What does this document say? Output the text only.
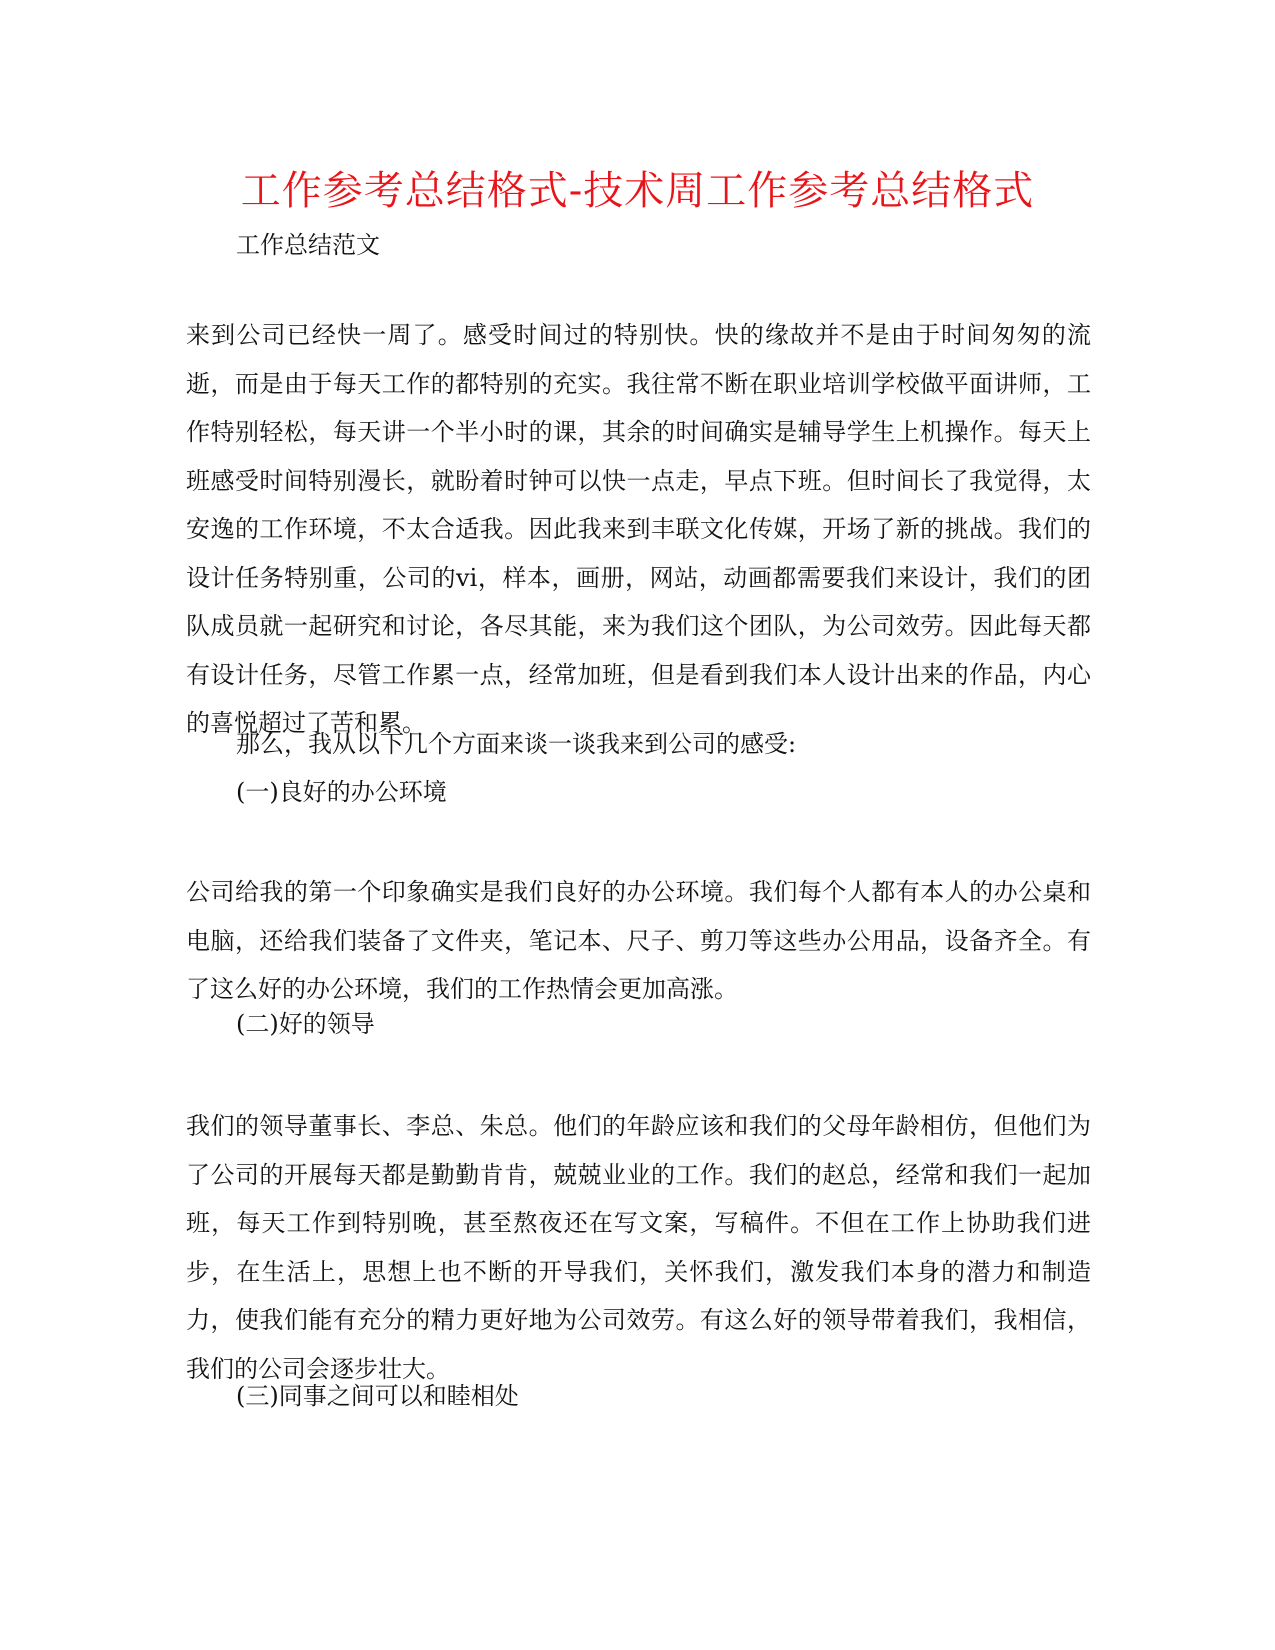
工作参考总结格式-技术周工作参考总结格式
工作总结范文

来到公司已经快一周了。感受时间过的特别快。快的缘故并不是由于时间匆匆的流逝，而是由于每天工作的都特别的充实。我往常不断在职业培训学校做平面讲师，工作特别轻松，每天讲一个半小时的课，其余的时间确实是辅导学生上机操作。每天上班感受时间特别漫长，就盼着时钟可以快一点走，早点下班。但时间长了我觉得，太安逸的工作环境，不太合适我。因此我来到丰联文化传媒，开场了新的挑战。我们的设计任务特别重，公司的vi，样本，画册，网站，动画都需要我们来设计，我们的团队成员就一起研究和讨论，各尽其能，来为我们这个团队，为公司效劳。因此每天都有设计任务，尽管工作累一点，经常加班，但是看到我们本人设计出来的作品，内心的喜悦超过了苦和累。

那么，我从以下几个方面来谈一谈我来到公司的感受:
(一)良好的办公环境

公司给我的第一个印象确实是我们良好的办公环境。我们每个人都有本人的办公桌和电脑，还给我们装备了文件夹，笔记本、尺子、剪刀等这些办公用品，设备齐全。有了这么好的办公环境，我们的工作热情会更加高涨。

(二)好的领导

我们的领导董事长、李总、朱总。他们的年龄应该和我们的父母年龄相仿，但他们为了公司的开展每天都是勤勤肯肯，兢兢业业的工作。我们的赵总，经常和我们一起加班，每天工作到特别晚，甚至熬夜还在写文案，写稿件。不但在工作上协助我们进步，在生活上，思想上也不断的开导我们，关怀我们，激发我们本身的潜力和制造力，使我们能有充分的精力更好地为公司效劳。有这么好的领导带着我们，我相信，我们的公司会逐步壮大。

(三)同事之间可以和睦相处
